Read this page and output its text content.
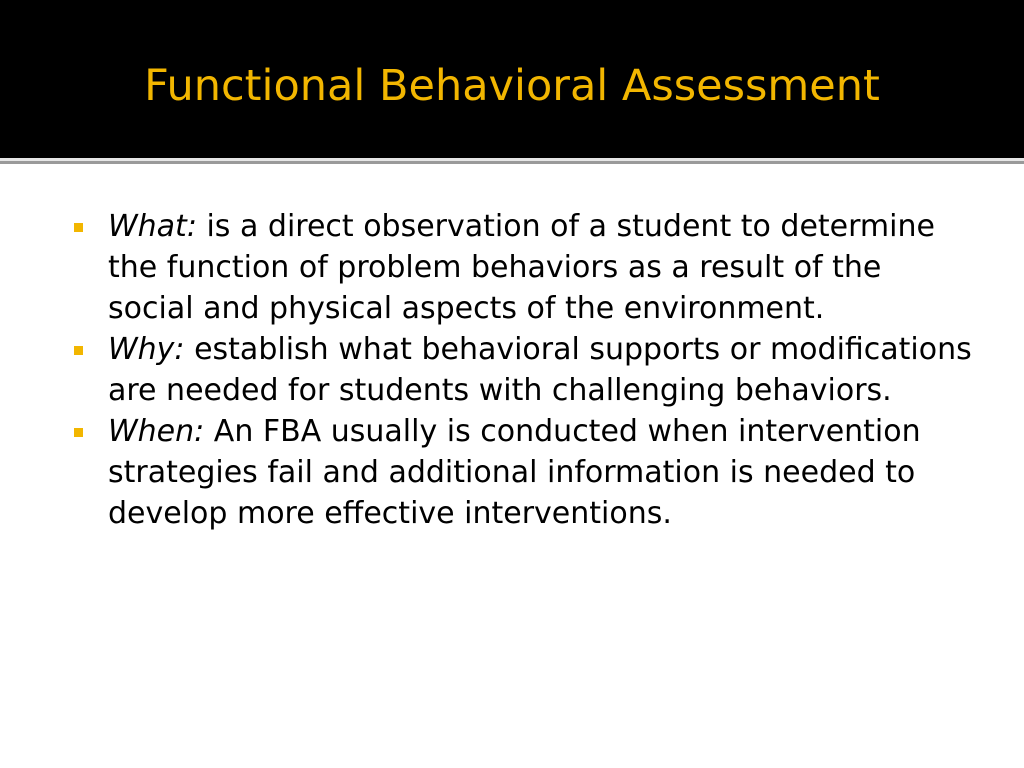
Functional Behavioral Assessment
What: is a direct observation of a student to determine the function of problem behaviors as a result of the social and physical aspects of the environment.
Why: establish what behavioral supports or modifications are needed for students with challenging behaviors.
When: An FBA usually is conducted when intervention strategies fail and additional information is needed to develop more effective interventions.
